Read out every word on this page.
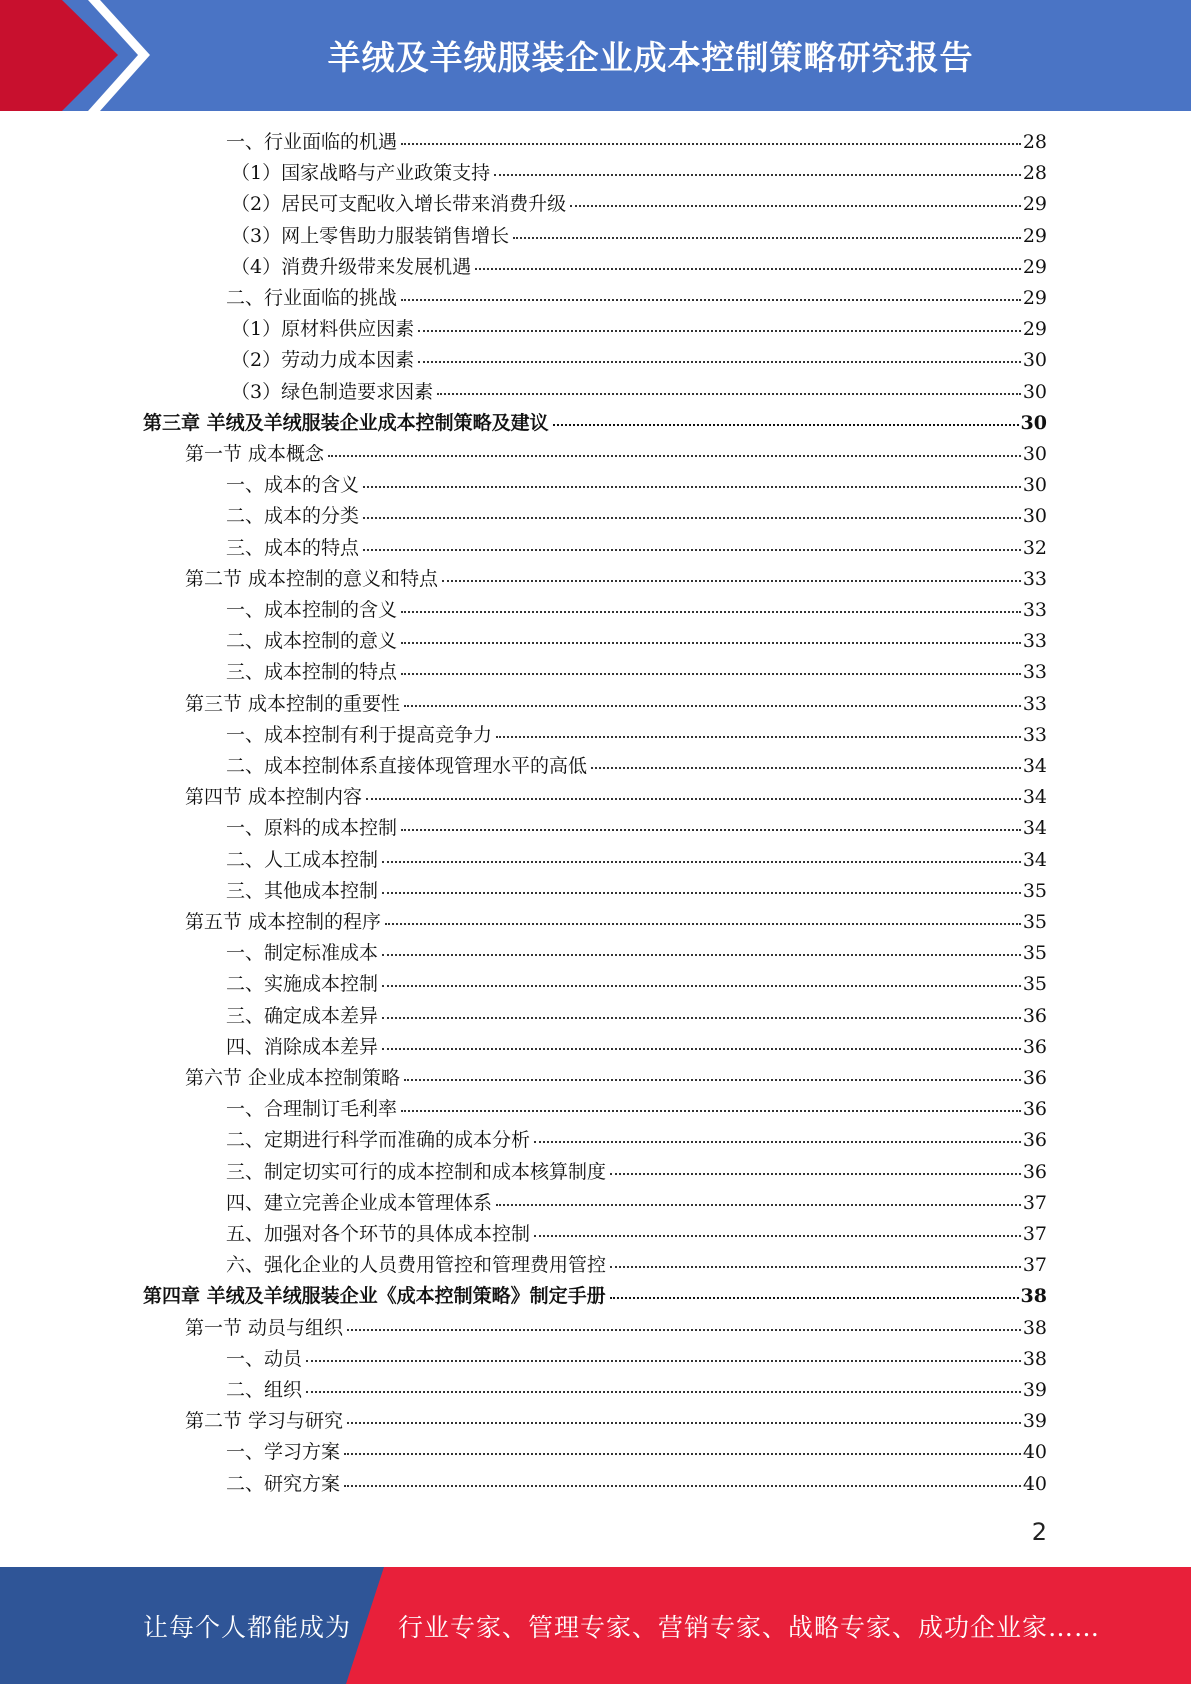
羊绒及羊绒服装企业成本控制策略研究报告
一、行业面临的机遇	28
（1）国家战略与产业政策支持	28
（2）居民可支配收入增长带来消费升级	29
（3）网上零售助力服装销售增长	29
（4）消费升级带来发展机遇	29
二、行业面临的挑战	29
（1）原材料供应因素	29
（2）劳动力成本因素	30
（3）绿色制造要求因素	30
第三章 羊绒及羊绒服装企业成本控制策略及建议	30
第一节 成本概念	30
一、成本的含义	30
二、成本的分类	30
三、成本的特点	32
第二节 成本控制的意义和特点	33
一、成本控制的含义	33
二、成本控制的意义	33
三、成本控制的特点	33
第三节 成本控制的重要性	33
一、成本控制有利于提高竞争力	33
二、成本控制体系直接体现管理水平的高低	34
第四节 成本控制内容	34
一、原料的成本控制	34
二、人工成本控制	34
三、其他成本控制	35
第五节 成本控制的程序	35
一、制定标准成本	35
二、实施成本控制	35
三、确定成本差异	36
四、消除成本差异	36
第六节 企业成本控制策略	36
一、合理制订毛利率	36
二、定期进行科学而准确的成本分析	36
三、制定切实可行的成本控制和成本核算制度	36
四、建立完善企业成本管理体系	37
五、加强对各个环节的具体成本控制	37
六、强化企业的人员费用管控和管理费用管控	37
第四章 羊绒及羊绒服装企业《成本控制策略》制定手册	38
第一节 动员与组织	38
一、动员	38
二、组织	39
第二节 学习与研究	39
一、学习方案	40
二、研究方案	40
2
让每个人都能成为 行业专家、管理专家、营销专家、战略专家、成功企业家……
